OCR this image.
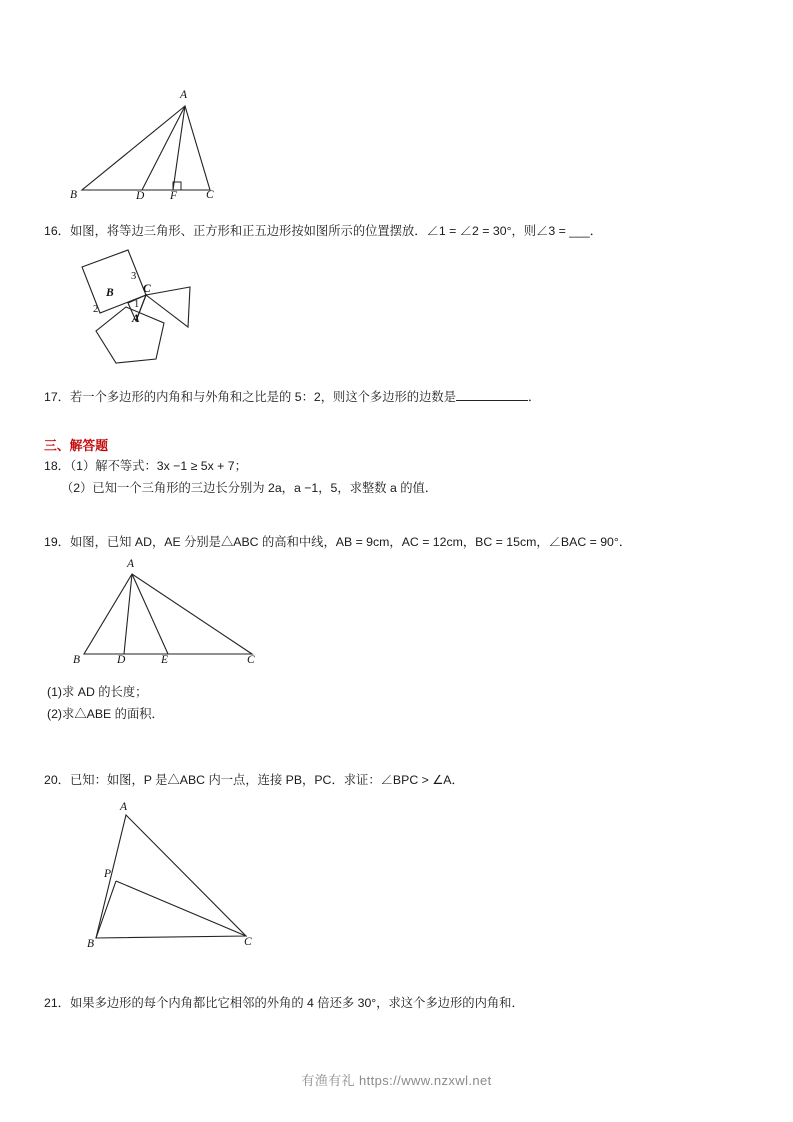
A
B	D F	C
16．如图，将等边三角形、正方形和正五边形按如图所示的位置摆放．∠1 = ∠2 = 30°，则∠3 = ___．
B	C
A
1
2
3
17．若一个多边形的内角和与外角和之比是的 5：2，则这个多边形的边数是	．
三、解答题
18．（1）解不等式：3x −1 ≥ 5x + 7；
（2）已知一个三角形的三边长分别为 2a，a −1，5，求整数 a 的值．
19．如图，已知 AD，AE 分别是△ABC 的高和中线，AB = 9cm，AC = 12cm，BC = 15cm，∠BAC = 90°．
A
B	D	E	C
(1)求 AD 的长度；
(2)求△ABE 的面积．
20．已知：如图，P 是△ABC 内一点，连接 PB，PC．求证：∠BPC > ∠A．
A
P
B	C
21．如果多边形的每个内角都比它相邻的外角的 4 倍还多 30°，求这个多边形的内角和．
有渔有礼 https://www.nzxwl.net
